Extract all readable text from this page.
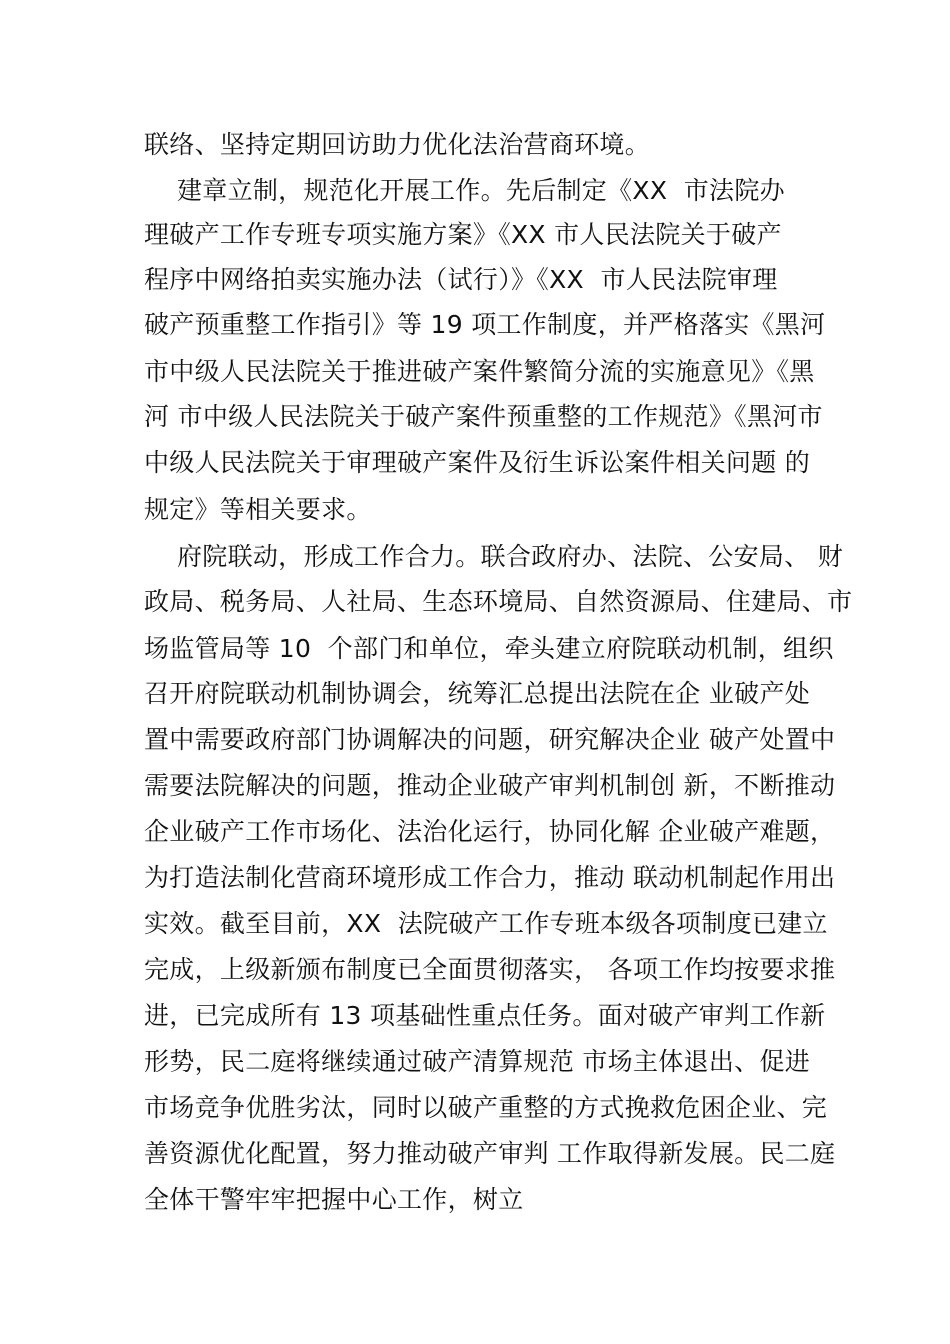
联络、坚持定期回访助力优化法治营商环境。
建章立制，规范化开展工作。先后制定《XX  市法院办
理破产工作专班专项实施方案》《XX 市人民法院关于破产
程序中网络拍卖实施办法（试行）》《XX  市人民法院审理
破产预重整工作指引》等 19 项工作制度，并严格落实《黑河
市中级人民法院关于推进破产案件繁简分流的实施意见》《黑
河 市中级人民法院关于破产案件预重整的工作规范》《黑河市
中级人民法院关于审理破产案件及衍生诉讼案件相关问题 的
规定》等相关要求。
府院联动，形成工作合力。联合政府办、法院、公安局、 财
政局、税务局、人社局、生态环境局、自然资源局、住建局、市
场监管局等 10  个部门和单位，牵头建立府院联动机制，组织
召开府院联动机制协调会，统筹汇总提出法院在企 业破产处
置中需要政府部门协调解决的问题，研究解决企业 破产处置中
需要法院解决的问题，推动企业破产审判机制创 新，不断推动
企业破产工作市场化、法治化运行，协同化解 企业破产难题，
为打造法制化营商环境形成工作合力，推动 联动机制起作用出
实效。截至目前，XX  法院破产工作专班本级各项制度已建立
完成，上级新颁布制度已全面贯彻落实， 各项工作均按要求推
进，已完成所有 13 项基础性重点任务。面对破产审判工作新
形势，民二庭将继续通过破产清算规范 市场主体退出、促进
市场竞争优胜劣汰，同时以破产重整的方式挽救危困企业、完
善资源优化配置，努力推动破产审判 工作取得新发展。民二庭
全体干警牢牢把握中心工作，树立
